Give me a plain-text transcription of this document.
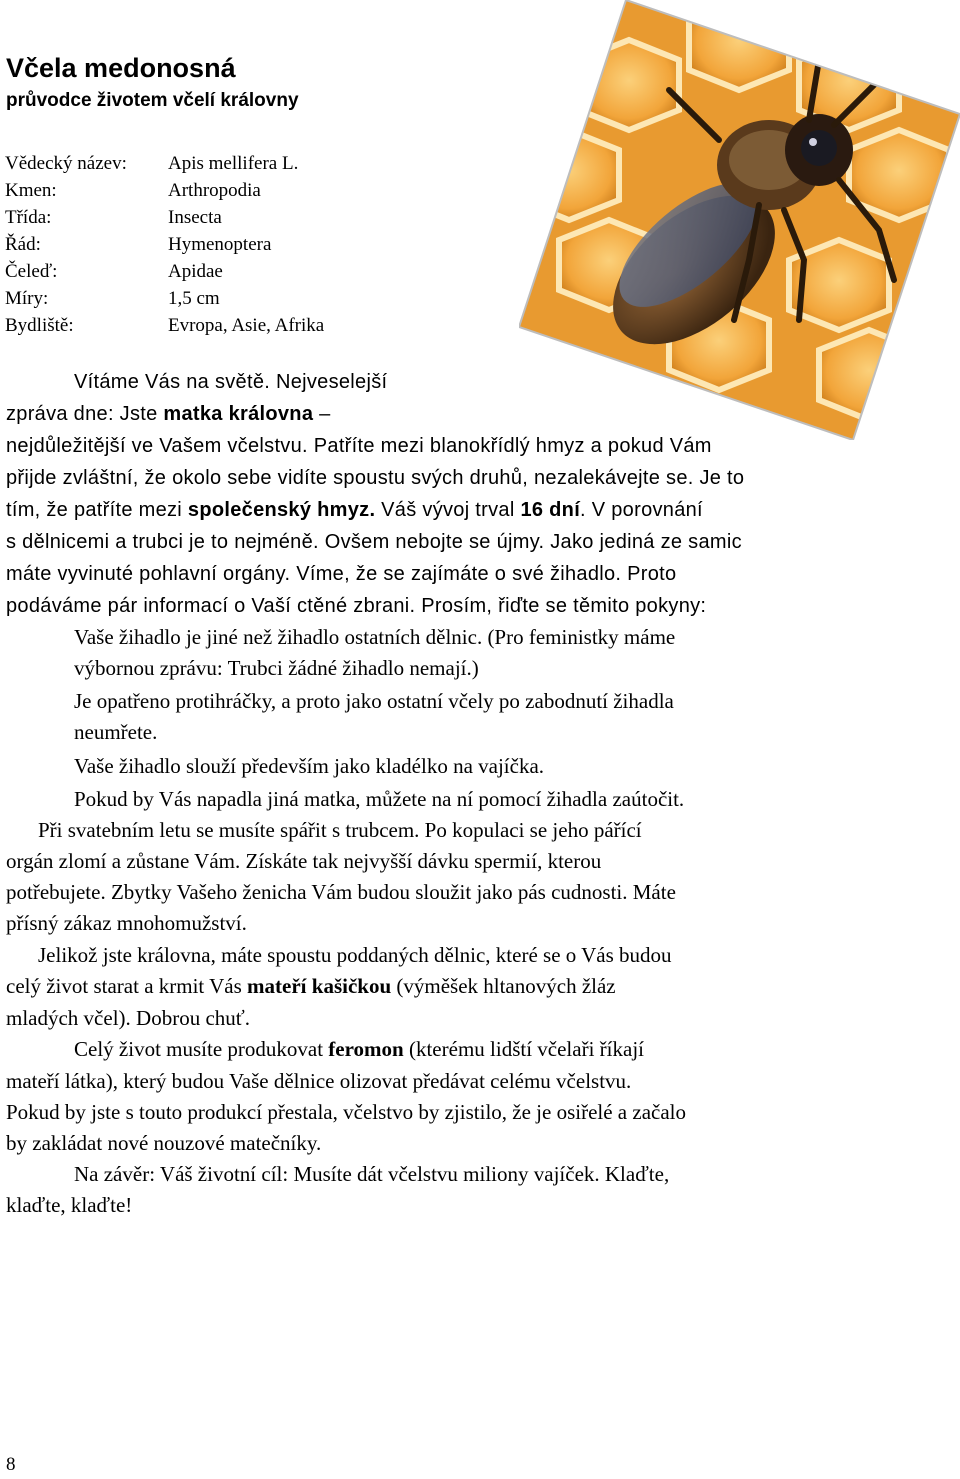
Včela medonosná
průvodce životem včelí královny
Vědecký název:	Apis mellifera L.
Kmen:	Arthropodia
Třída:	Insecta
Řád:	Hymenoptera
Čeleď:	Apidae
Míry:	1,5 cm
Bydliště:	Evropa, Asie, Afrika
Vítáme Vás na světě. Nejveselejší
zpráva dne: Jste matka královna –
nejdůležitější ve Vašem včelstvu. Patříte mezi blanokřídlý hmyz a pokud Vám
přijde zvláštní, že okolo sebe vidíte spoustu svých druhů, nezalekávejte se. Je to
tím, že patříte mezi společenský hmyz. Váš vývoj trval 16 dní. V porovnání
s dělnicemi a trubci je to nejméně. Ovšem nebojte se újmy. Jako jediná ze samic
máte vyvinuté pohlavní orgány. Víme, že se zajímáte o své žihadlo. Proto
podáváme pár informací o Vaší ctěné zbrani. Prosím, řiďte se těmito pokyny:
Vaše žihadlo je jiné než žihadlo ostatních dělnic. (Pro feministky máme
výbornou zprávu: Trubci žádné žihadlo nemají.)
Je opatřeno protihráčky, a proto jako ostatní včely po zabodnutí žihadla
neumřete.
Vaše žihadlo slouží především jako kladélko na vajíčka.
Pokud by Vás napadla jiná matka, můžete na ní pomocí žihadla zaútočit.
Při svatebním letu se musíte spářit s trubcem. Po kopulaci se jeho pářící
orgán zlomí a zůstane Vám. Získáte tak nejvyšší dávku spermií, kterou
potřebujete. Zbytky Vašeho ženicha Vám budou sloužit jako pás cudnosti. Máte
přísný zákaz mnohomužství.
Jelikož jste královna, máte spoustu poddaných dělnic, které se o Vás budou
celý život starat a krmit Vás mateří kašičkou (výměšek hltanových žláz
mladých včel). Dobrou chuť.
Celý život musíte produkovat feromon (kterému lidští včelaři říkají
mateří látka), který budou Vaše dělnice olizovat předávat celému včelstvu.
Pokud by jste s touto produkcí přestala, včelstvo by zjistilo, že je osiřelé a začalo
by zakládat nové nouzové matečníky.
Na závěr: Váš životní cíl: Musíte dát včelstvu miliony vajíček. Klaďte,
klaďte, klaďte!
8
